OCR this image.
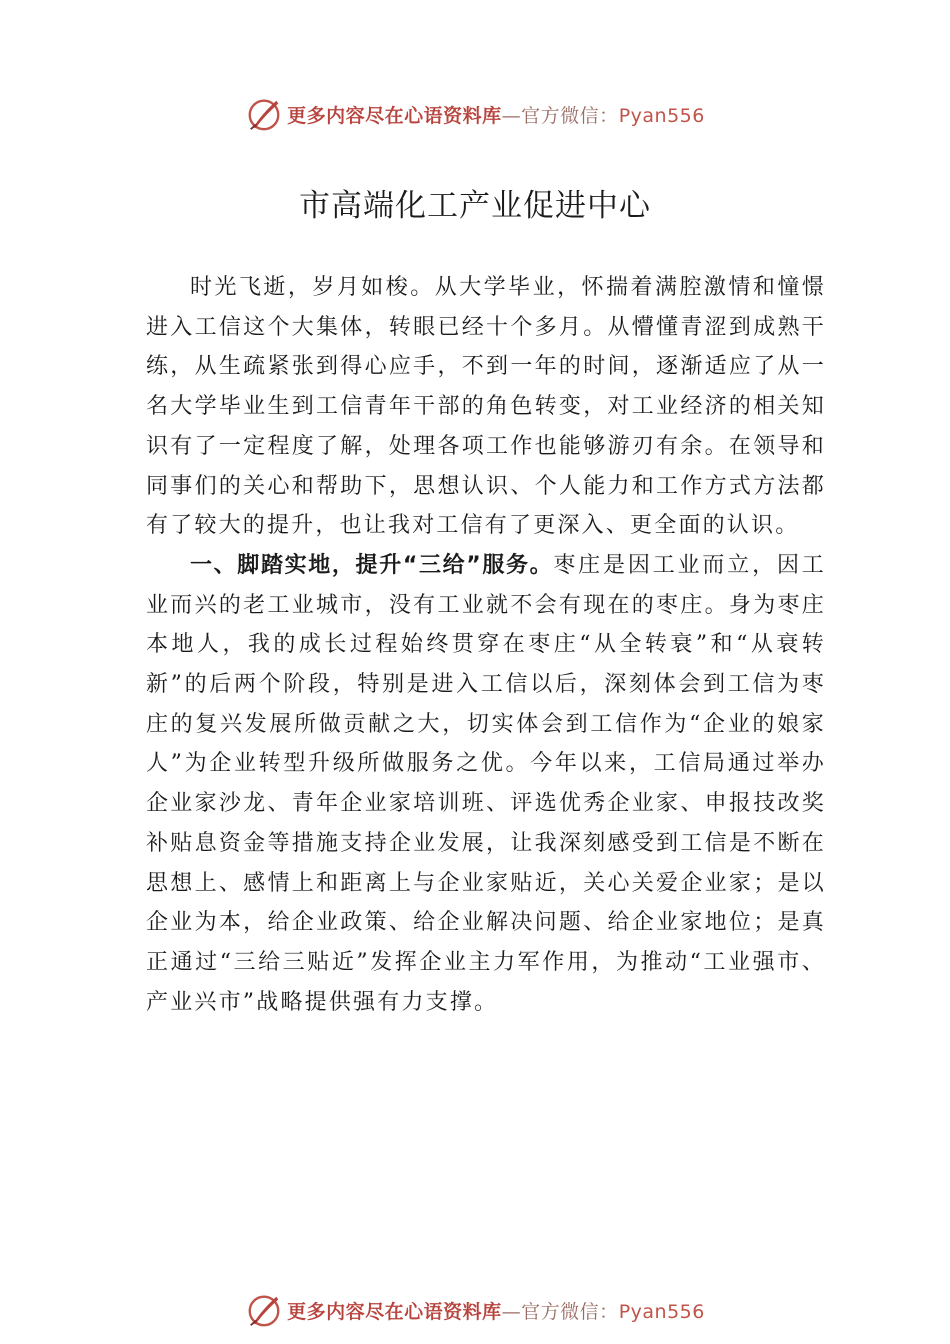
更多内容尽在心语资料库—官方微信：Pyan556
市高端化工产业促进中心

时光飞逝，岁月如梭。从大学毕业，怀揣着满腔激情和憧憬进入工信这个大集体，转眼已经十个多月。从懵懂青涩到成熟干练，从生疏紧张到得心应手，不到一年的时间，逐渐适应了从一名大学毕业生到工信青年干部的角色转变，对工业经济的相关知识有了一定程度了解，处理各项工作也能够游刃有余。在领导和同事们的关心和帮助下，思想认识、个人能力和工作方式方法都有了较大的提升，也让我对工信有了更深入、更全面的认识。

一、脚踏实地，提升“三给”服务。枣庄是因工业而立，因工业而兴的老工业城市，没有工业就不会有现在的枣庄。身为枣庄本地人，我的成长过程始终贯穿在枣庄“从全转衰”和“从衰转新”的后两个阶段，特别是进入工信以后，深刻体会到工信为枣庄的复兴发展所做贡献之大，切实体会到工信作为“企业的娘家人”为企业转型升级所做服务之优。今年以来，工信局通过举办企业家沙龙、青年企业家培训班、评选优秀企业家、申报技改奖补贴息资金等措施支持企业发展，让我深刻感受到工信是不断在思想上、感情上和距离上与企业家贴近，关心关爱企业家；是以企业为本，给企业政策、给企业解决问题、给企业家地位；是真正通过“三给三贴近”发挥企业主力军作用，为推动“工业强市、产业兴市”战略提供强有力支撑。

更多内容尽在心语资料库—官方微信：Pyan556
